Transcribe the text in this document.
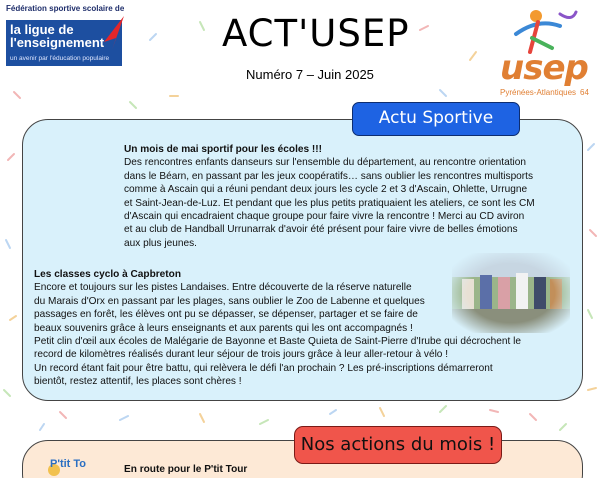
Fédération sportive scolaire de
la ligue de
l'enseignement
un avenir par l'éducation populaire
ACT'USEP
Numéro 7 – Juin 2025	usep
Pyrénées-Atlantiques 64
Actu Sportive
Un mois de mai sportif pour les écoles !!!
Des rencontres enfants danseurs sur l'ensemble du département, au rencontre orientation
dans le Béarn, en passant par les jeux coopératifs… sans oublier les rencontres multisports
comme à Ascain qui a réuni pendant deux jours les cycle 2 et 3 d'Ascain, Ohlette, Urrugne
et Saint-Jean-de-Luz. Et pendant que les plus petits pratiquaient les ateliers, ce sont les CM
d'Ascain qui encadraient chaque groupe pour faire vivre la rencontre ! Merci au CD aviron
et au club de Handball Urrunarrak d'avoir été présent pour faire vivre de belles émotions
aux plus jeunes.
Les classes cyclo à Capbreton
Encore et toujours sur les pistes Landaises. Entre découverte de la réserve naturelle
du Marais d'Orx en passant par les plages, sans oublier le Zoo de Labenne et quelques
passages en forêt, les élèves ont pu se dépasser, se dépenser, partager et se faire de
beaux souvenirs grâce à leurs enseignants et aux parents qui les ont accompagnés !
Petit clin d'œil aux écoles de Malégarie de Bayonne et Baste Quieta de Saint-Pierre d'Irube qui décrochent le
record de kilomètres réalisés durant leur séjour de trois jours grâce à leur aller-retour à vélo !
Un record étant fait pour être battu, qui relèvera le défi l'an prochain ? Les pré-inscriptions démarreront
bientôt, restez attentif, les places sont chères !
Nos actions du mois !
P'tit To	En route pour le P'tit Tour
